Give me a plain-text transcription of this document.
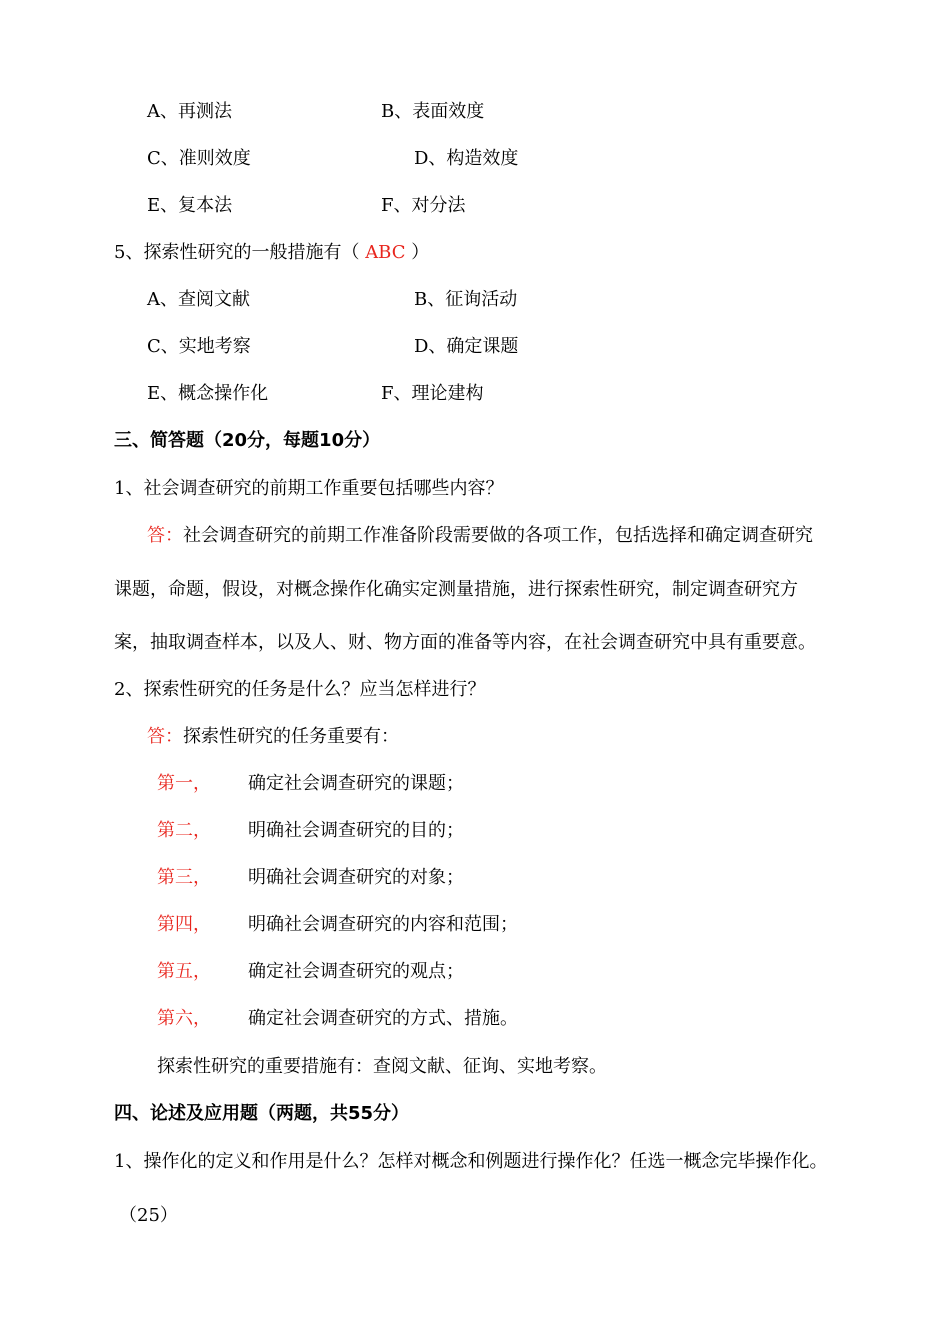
A、再测法	B、表面效度
C、准则效度	D、构造效度
E、复本法	F、对分法
5、探索性研究的一般措施有（ ABC ）
A、查阅文献	B、征询活动
C、实地考察	D、确定课题
E、概念操作化	F、理论建构
三、简答题（20分，每题10分）
1、社会调查研究的前期工作重要包括哪些内容？
答：社会调查研究的前期工作准备阶段需要做的各项工作，包括选择和确定调查研究
课题，命题，假设，对概念操作化确实定测量措施，进行探索性研究，制定调查研究方
案，抽取调查样本，以及人、财、物方面的准备等内容，在社会调查研究中具有重要意。
2、探索性研究的任务是什么？应当怎样进行？
答：探索性研究的任务重要有：
第一， 确定社会调查研究的课题；
第二， 明确社会调查研究的目的；
第三， 明确社会调查研究的对象；
第四， 明确社会调查研究的内容和范围；
第五， 确定社会调查研究的观点；
第六， 确定社会调查研究的方式、措施。
探索性研究的重要措施有：查阅文献、征询、实地考察。
四、论述及应用题（两题，共55分）
1、操作化的定义和作用是什么？怎样对概念和例题进行操作化？任选一概念完毕操作化。
（25）
